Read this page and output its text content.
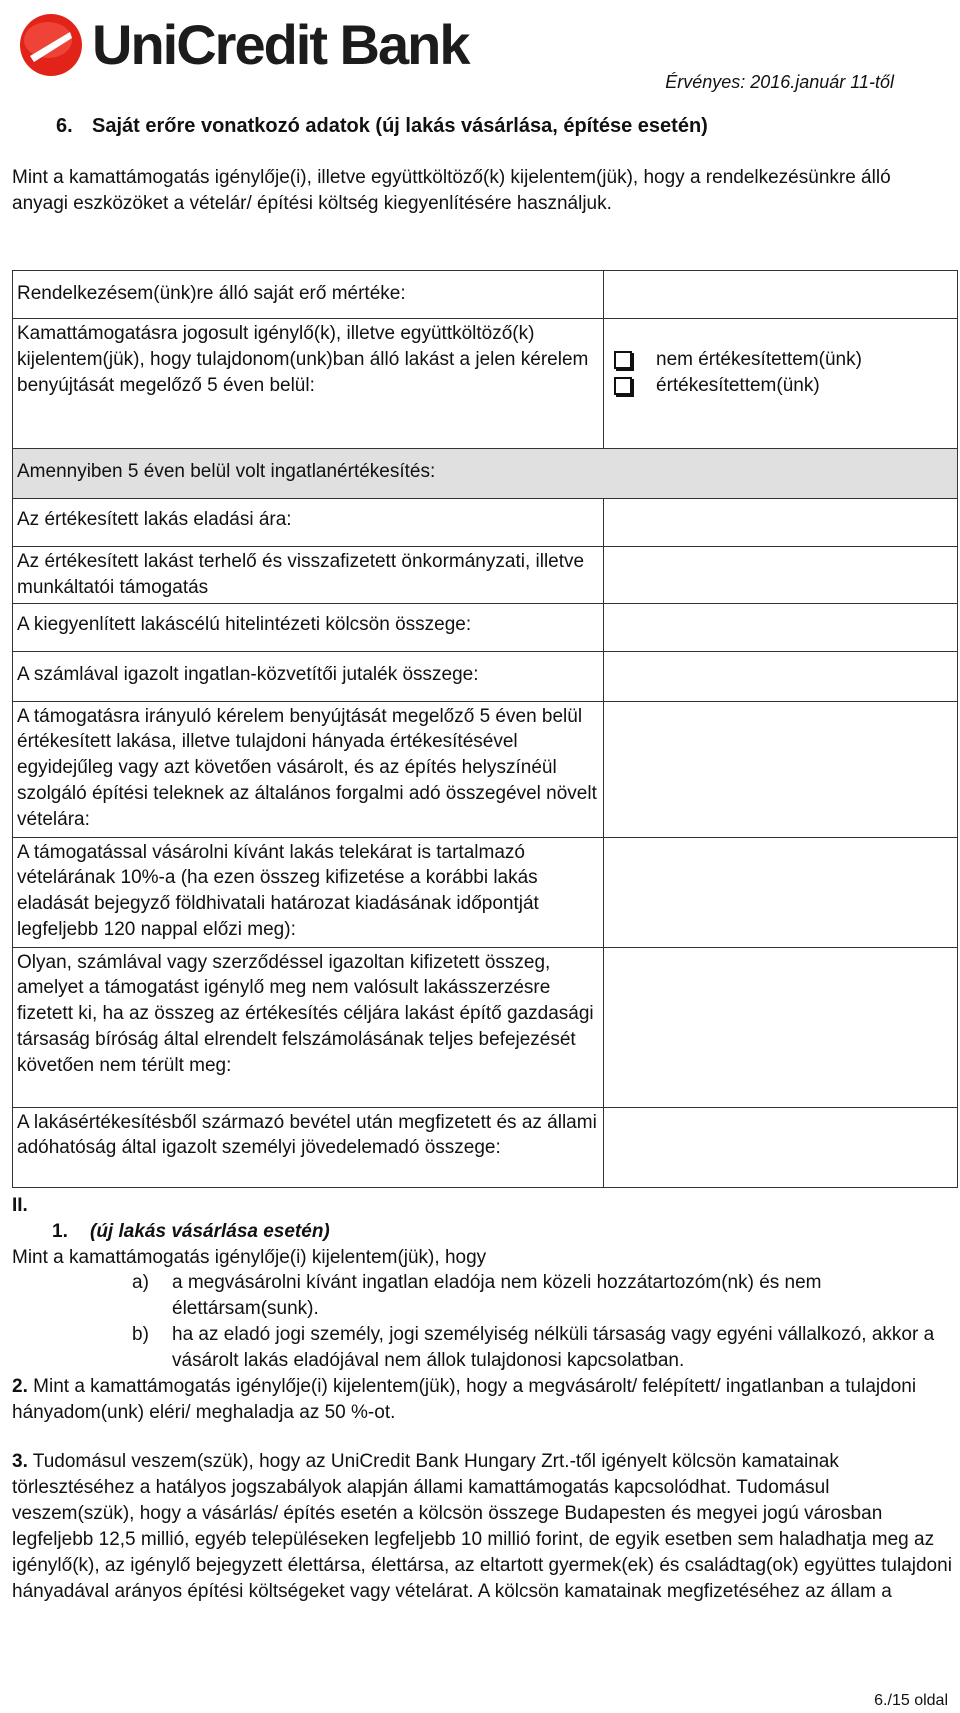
UniCredit Bank
Érvényes: 2016.január 11-től
6. Saját erőre vonatkozó adatok (új lakás vásárlása, építése esetén)

Mint a kamattámogatás igénylője(i), illetve együttköltöző(k) kijelentem(jük), hogy a rendelkezésünkre álló anyagi eszközöket a vételár/ építési költség kiegyenlítésére használjuk.

Rendelkezésem(ünk)re álló saját erő mértéke:	

Kamattámogatásra jogosult igénylő(k), illetve együttköltöző(k) kijelentem(jük), hogy tulajdonom(unk)ban álló lakást a jelen kérelem benyújtását megelőző 5 éven belül:	nem értékesítettem(ünk)
értékesítettem(ünk)

Amennyiben 5 éven belül volt ingatlanértékesítés:	

Az értékesített lakás eladási ára:	

Az értékesített lakást terhelő és visszafizetett önkormányzati, illetve munkáltatói támogatás	

A kiegyenlített lakáscélú hitelintézeti kölcsön összege:	

A számlával igazolt ingatlan-közvetítői jutalék összege:	

A támogatásra irányuló kérelem benyújtását megelőző 5 éven belül értékesített lakása, illetve tulajdoni hányada értékesítésével egyidejűleg vagy azt követően vásárolt, és az építés helyszínéül szolgáló építési teleknek az általános forgalmi adó összegével növelt vételára:	
A támogatással vásárolni kívánt lakás telekárat is tartalmazó vételárának 10%-a (ha ezen összeg kifizetése a korábbi lakás eladását bejegyző földhivatali határozat kiadásának időpontját legfeljebb 120 nappal előzi meg):	
Olyan, számlával vagy szerződéssel igazoltan kifizetett összeg, amelyet a támogatást igénylő meg nem valósult lakásszerzésre fizetett ki, ha az összeg az értékesítés céljára lakást építő gazdasági társaság bíróság által elrendelt felszámolásának teljes befejezését követően nem térült meg:	
A lakásértékesítésből származó bevétel után megfizetett és az állami adóhatóság által igazolt személyi jövedelemadó összege:	
II.
1. (új lakás vásárlása esetén)
Mint a kamattámogatás igénylője(i) kijelentem(jük), hogy
a)	a megvásárolni kívánt ingatlan eladója nem közeli hozzátartozóm(nk) és nem élettársam(sunk).
b)	ha az eladó jogi személy, jogi személyiség nélküli társaság vagy egyéni vállalkozó, akkor a vásárolt lakás eladójával nem állok tulajdonosi kapcsolatban.

2. Mint a kamattámogatás igénylője(i) kijelentem(jük), hogy a megvásárolt/ felépített/ ingatlanban a tulajdoni hányadom(unk) eléri/ meghaladja az 50 %-ot.

3. Tudomásul veszem(szük), hogy az UniCredit Bank Hungary Zrt.-től igényelt kölcsön kamatainak törlesztéséhez a hatályos jogszabályok alapján állami kamattámogatás kapcsolódhat. Tudomásul veszem(szük), hogy a vásárlás/ építés esetén a kölcsön összege Budapesten és megyei jogú városban legfeljebb 12,5 millió, egyéb településeken legfeljebb 10 millió forint, de egyik esetben sem haladhatja meg az igénylő(k), az igénylő bejegyzett élettársa, élettársa, az eltartott gyermek(ek) és családtag(ok) együttes tulajdoni hányadával arányos építési költségeket vagy vételárat. A kölcsön kamatainak megfizetéséhez az állam a

6./15 oldal
